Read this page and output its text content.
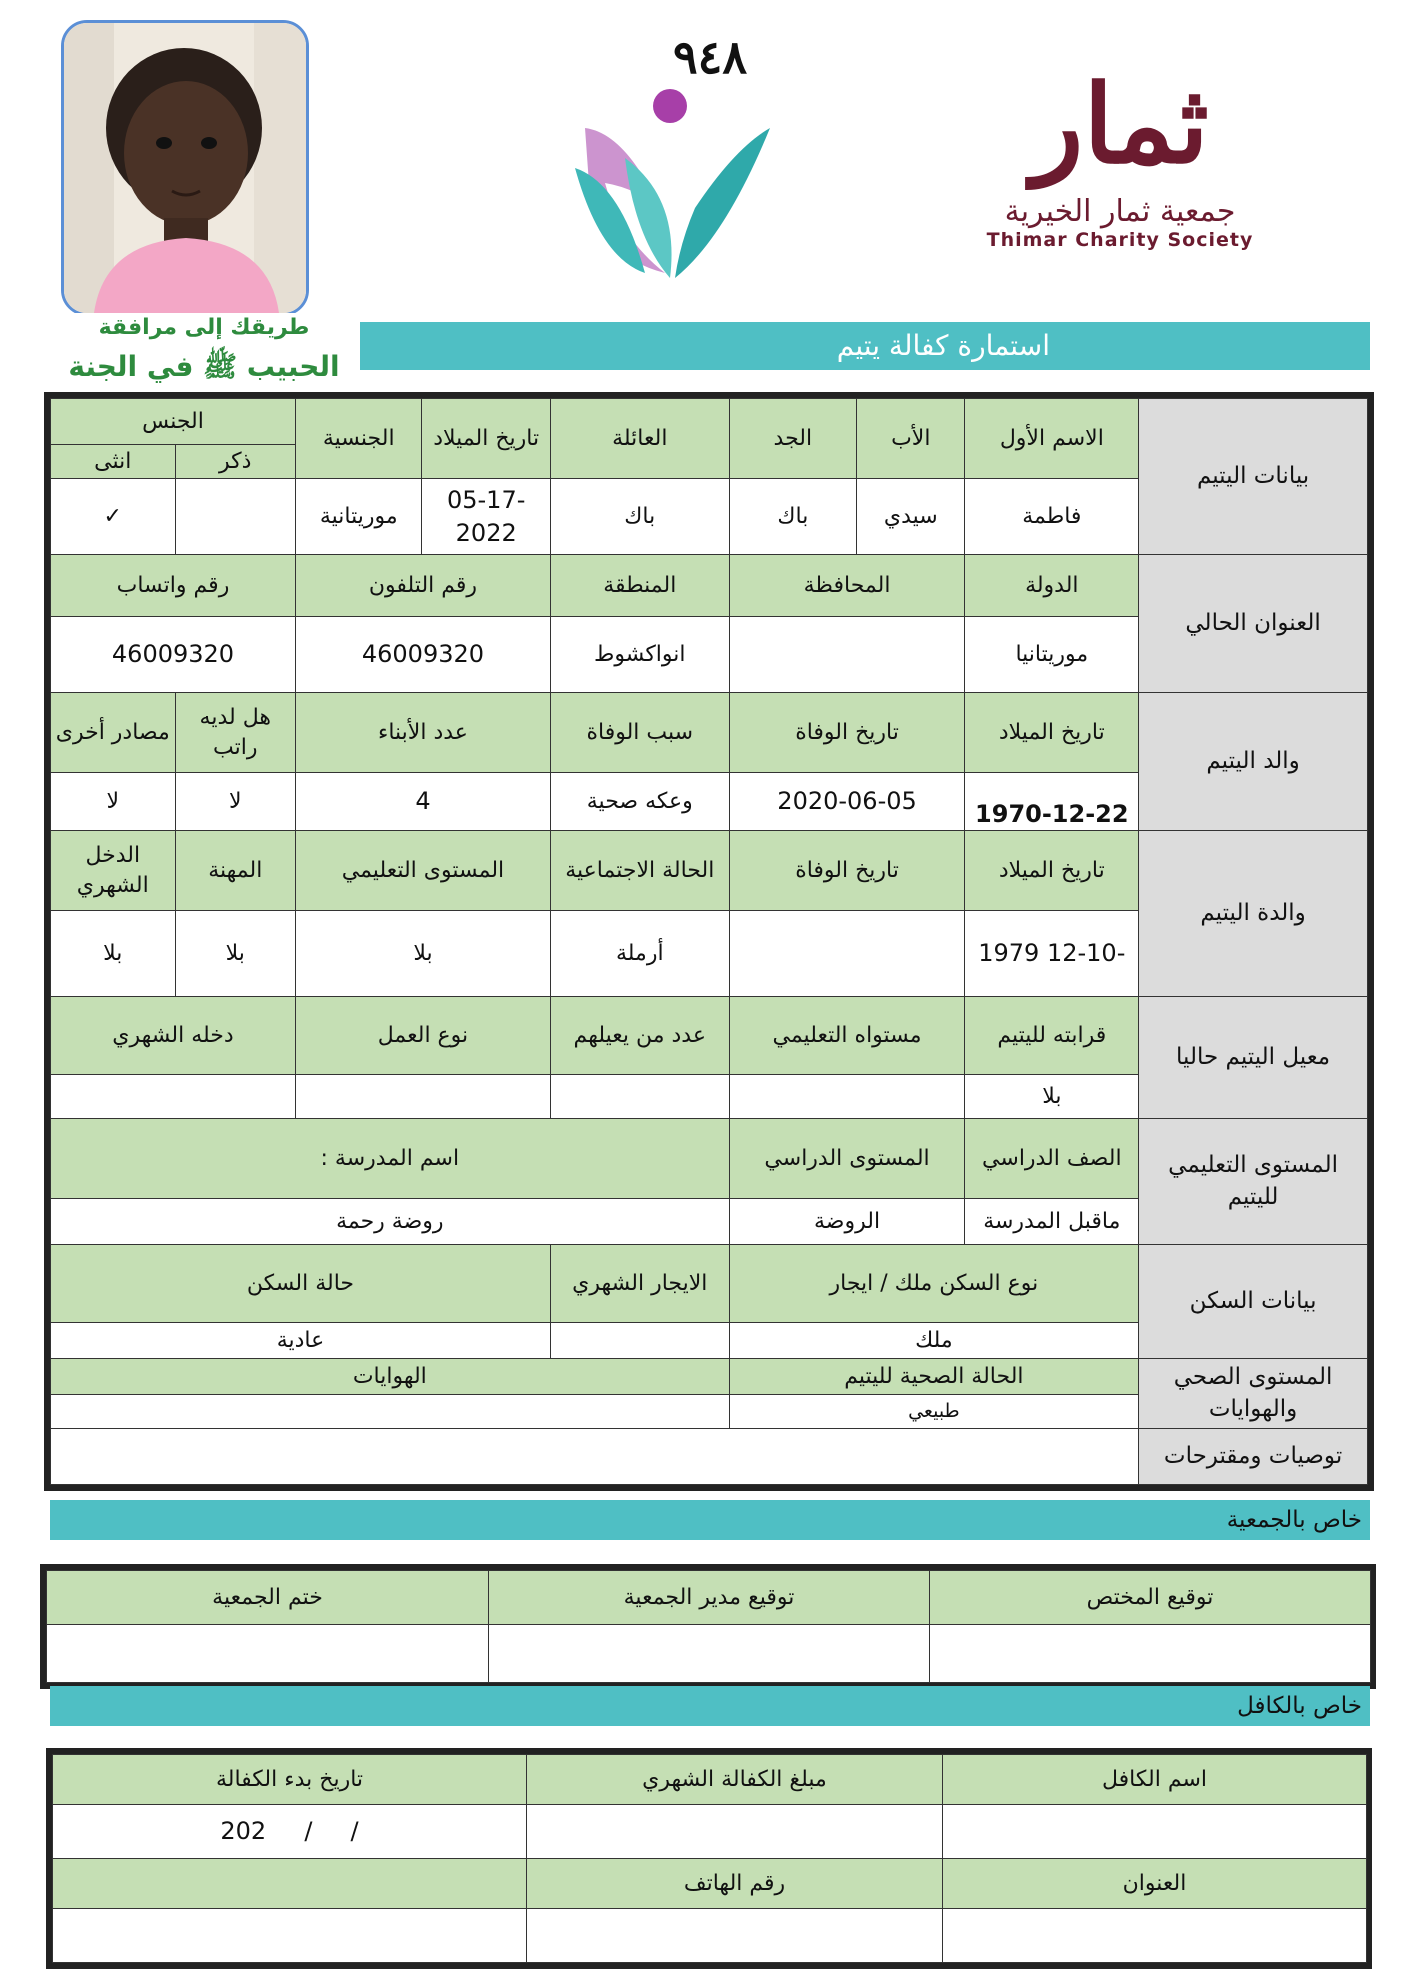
طريقك إلى مرافقة
الحبيب ﷺ في الجنة
٩٤٨
ثمار
جمعية ثمار الخيرية
Thimar Charity Society
استمارة كفالة يتيم
بيانات اليتيم	الاسم الأول	الأب	الجد	العائلة	تاريخ الميلاد	الجنسية	الجنس	
							ذكر	انثى
	فاطمة	سيدي	باك	باك	-05-17 2022	موريتانية		✓
العنوان الحالي	الدولة	المحافظة		المنطقة	رقم التلفون		رقم واتساب	
	موريتانيا			انواكشوط	46009320		46009320	
والد اليتيم	تاريخ الميلاد	تاريخ الوفاة		سبب الوفاة	عدد الأبناء		هل لديه راتب	مصادر أخرى
	1970-12-22	2020-06-05		وعكه صحية	4		لا	لا
والدة اليتيم	تاريخ الميلاد	تاريخ الوفاة		الحالة الاجتماعية	المستوى التعليمي		المهنة	الدخل الشهري
	-12-10 1979			أرملة	بلا		بلا	بلا
معيل اليتيم حاليا	قرابته لليتيم	مستواه التعليمي		عدد من يعيلهم	نوع العمل		دخله الشهري	
	بلا							
المستوى التعليمي لليتيم	الصف الدراسي	المستوى الدراسي		اسم المدرسة :				
	ماقبل المدرسة	الروضة		روضة رحمة				
بيانات السكن	نوع السكن ملك / ايجار			الايجار الشهري	حالة السكن			
	ملك				عادية			
المستوى الصحي والهوايات	الحالة الصحية لليتيم			الهوايات				
	طبيعي							
توصيات ومقترحات								
خاص بالجمعية
توقيع المختص	توقيع مدير الجمعية	ختم الجمعية

خاص بالكافل
اسم الكافل	مبلغ الكفالة الشهري	تاريخ بدء الكفالة
		202     /     /
العنوان	رقم الهاتف	
